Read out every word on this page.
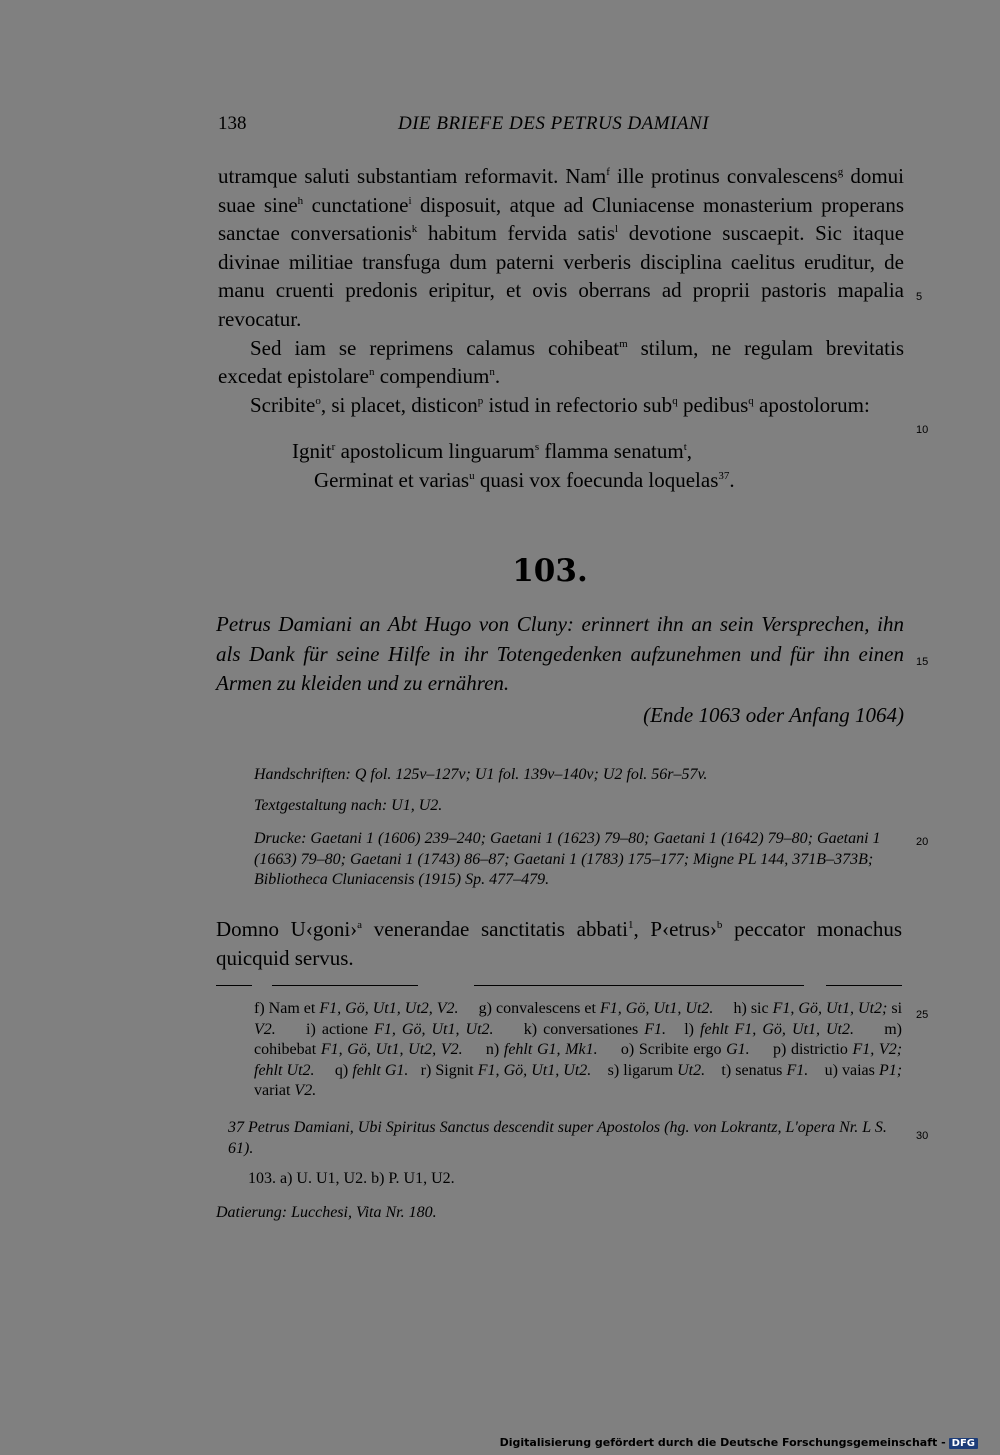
138	DIE BRIEFE DES PETRUS DAMIANI

utramque saluti substantiam reformavit. Nam$^f$ ille protinus convalescens$^g$ domui suae sine$^h$ cunctatione$^i$ disposuit, atque ad Cluniacense monasterium properans sanctae conversationis$^k$ habitum fervida satis$^l$ devotione suscaepit. Sic itaque divinae militiae transfuga dum paterni verberis disciplina caelitus eruditur, de manu cruenti predonis eripitur, et ovis oberrans ad proprii pastoris mapalia revocatur.

Sed iam se reprimens calamus cohibeat$^m$ stilum, ne regulam brevitatis excedat epistolare$^n$ compendium$^n$.

Scribite$^o$, si placet, disticon$^p$ istud in refectorio sub$^q$ pedibus$^q$ apostolorum:

Ignit$^r$ apostolicum linguarum$^s$ flamma senatum$^t$,
Germinat et varias$^u$ quasi vox foecunda loquelas$^{37}$.
5
10
15
20
25
30
103.
Petrus Damiani an Abt Hugo von Cluny: erinnert ihn an sein Versprechen, ihn als Dank für seine Hilfe in ihr Totengedenken aufzunehmen und für ihn einen Armen zu kleiden und zu ernähren.
(Ende 1063 oder Anfang 1064)
Handschriften: Q fol. 125v–127v; U1 fol. 139v–140v; U2 fol. 56r–57v.
Textgestaltung nach: U1, U2.
Drucke: Gaetani 1 (1606) 239–240; Gaetani 1 (1623) 79–80; Gaetani 1 (1642) 79–80; Gaetani 1 (1663) 79–80; Gaetani 1 (1743) 86–87; Gaetani 1 (1783) 175–177; Migne PL 144, 371B–373B; Bibliotheca Cluniacensis (1915) Sp. 477–479.
Domno U‹goni›$^a$ venerandae sanctitatis abbati$^1$, P‹etrus›$^b$ peccator monachus quicquid servus.
f) Nam et F1, Gö, Ut1, Ut2, V2.     g) convalescens et F1, Gö, Ut1, Ut2.     h) sic F1, Gö, Ut1, Ut2; si V2.     i) actione F1, Gö, Ut1, Ut2.     k) conversationes F1.   l) fehlt F1, Gö, Ut1, Ut2.     m) cohibebat F1, Gö, Ut1, Ut2, V2.     n) fehlt G1, Mk1.     o) Scribite ergo G1.     p) districtio F1, V2; fehlt Ut2.     q) fehlt G1.   r) Signit F1, Gö, Ut1, Ut2.    s) ligarum Ut2.    t) senatus F1.    u) vaias P1; variat V2.
37 Petrus Damiani, Ubi Spiritus Sanctus descendit super Apostolos (hg. von Lokrantz, L'opera Nr. L S. 61).
103. a) U. U1, U2. b) P. U1, U2.
Datierung: Lucchesi, Vita Nr. 180.
Digitalisierung gefördert durch die Deutsche Forschungsgemeinschaft - DFG
